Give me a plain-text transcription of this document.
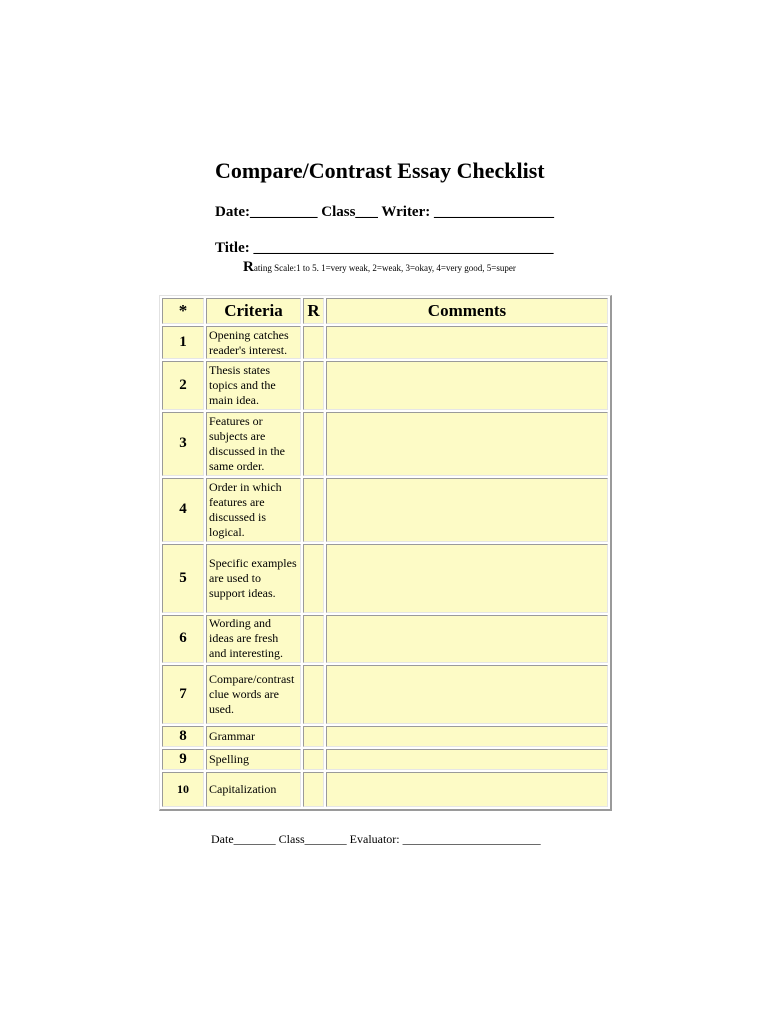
Compare/Contrast Essay Checklist
Date:_________ Class___ Writer: ________________
Title: ________________________________________
Rating Scale:1 to 5. 1=very weak, 2=weak, 3=okay, 4=very good, 5=super
*	Criteria	R	Comments
1	Opening catches reader's interest.		
2	Thesis states topics and the main idea.		
3	Features or subjects are discussed in the same order.		
4	Order in which features are discussed is logical.		
5	Specific examples are used to support ideas.		
6	Wording and ideas are fresh and interesting.		
7	Compare/contrast clue words are used.		
8	Grammar		
9	Spelling		
10	Capitalization		
Date_______ Class_______ Evaluator: _______________________
